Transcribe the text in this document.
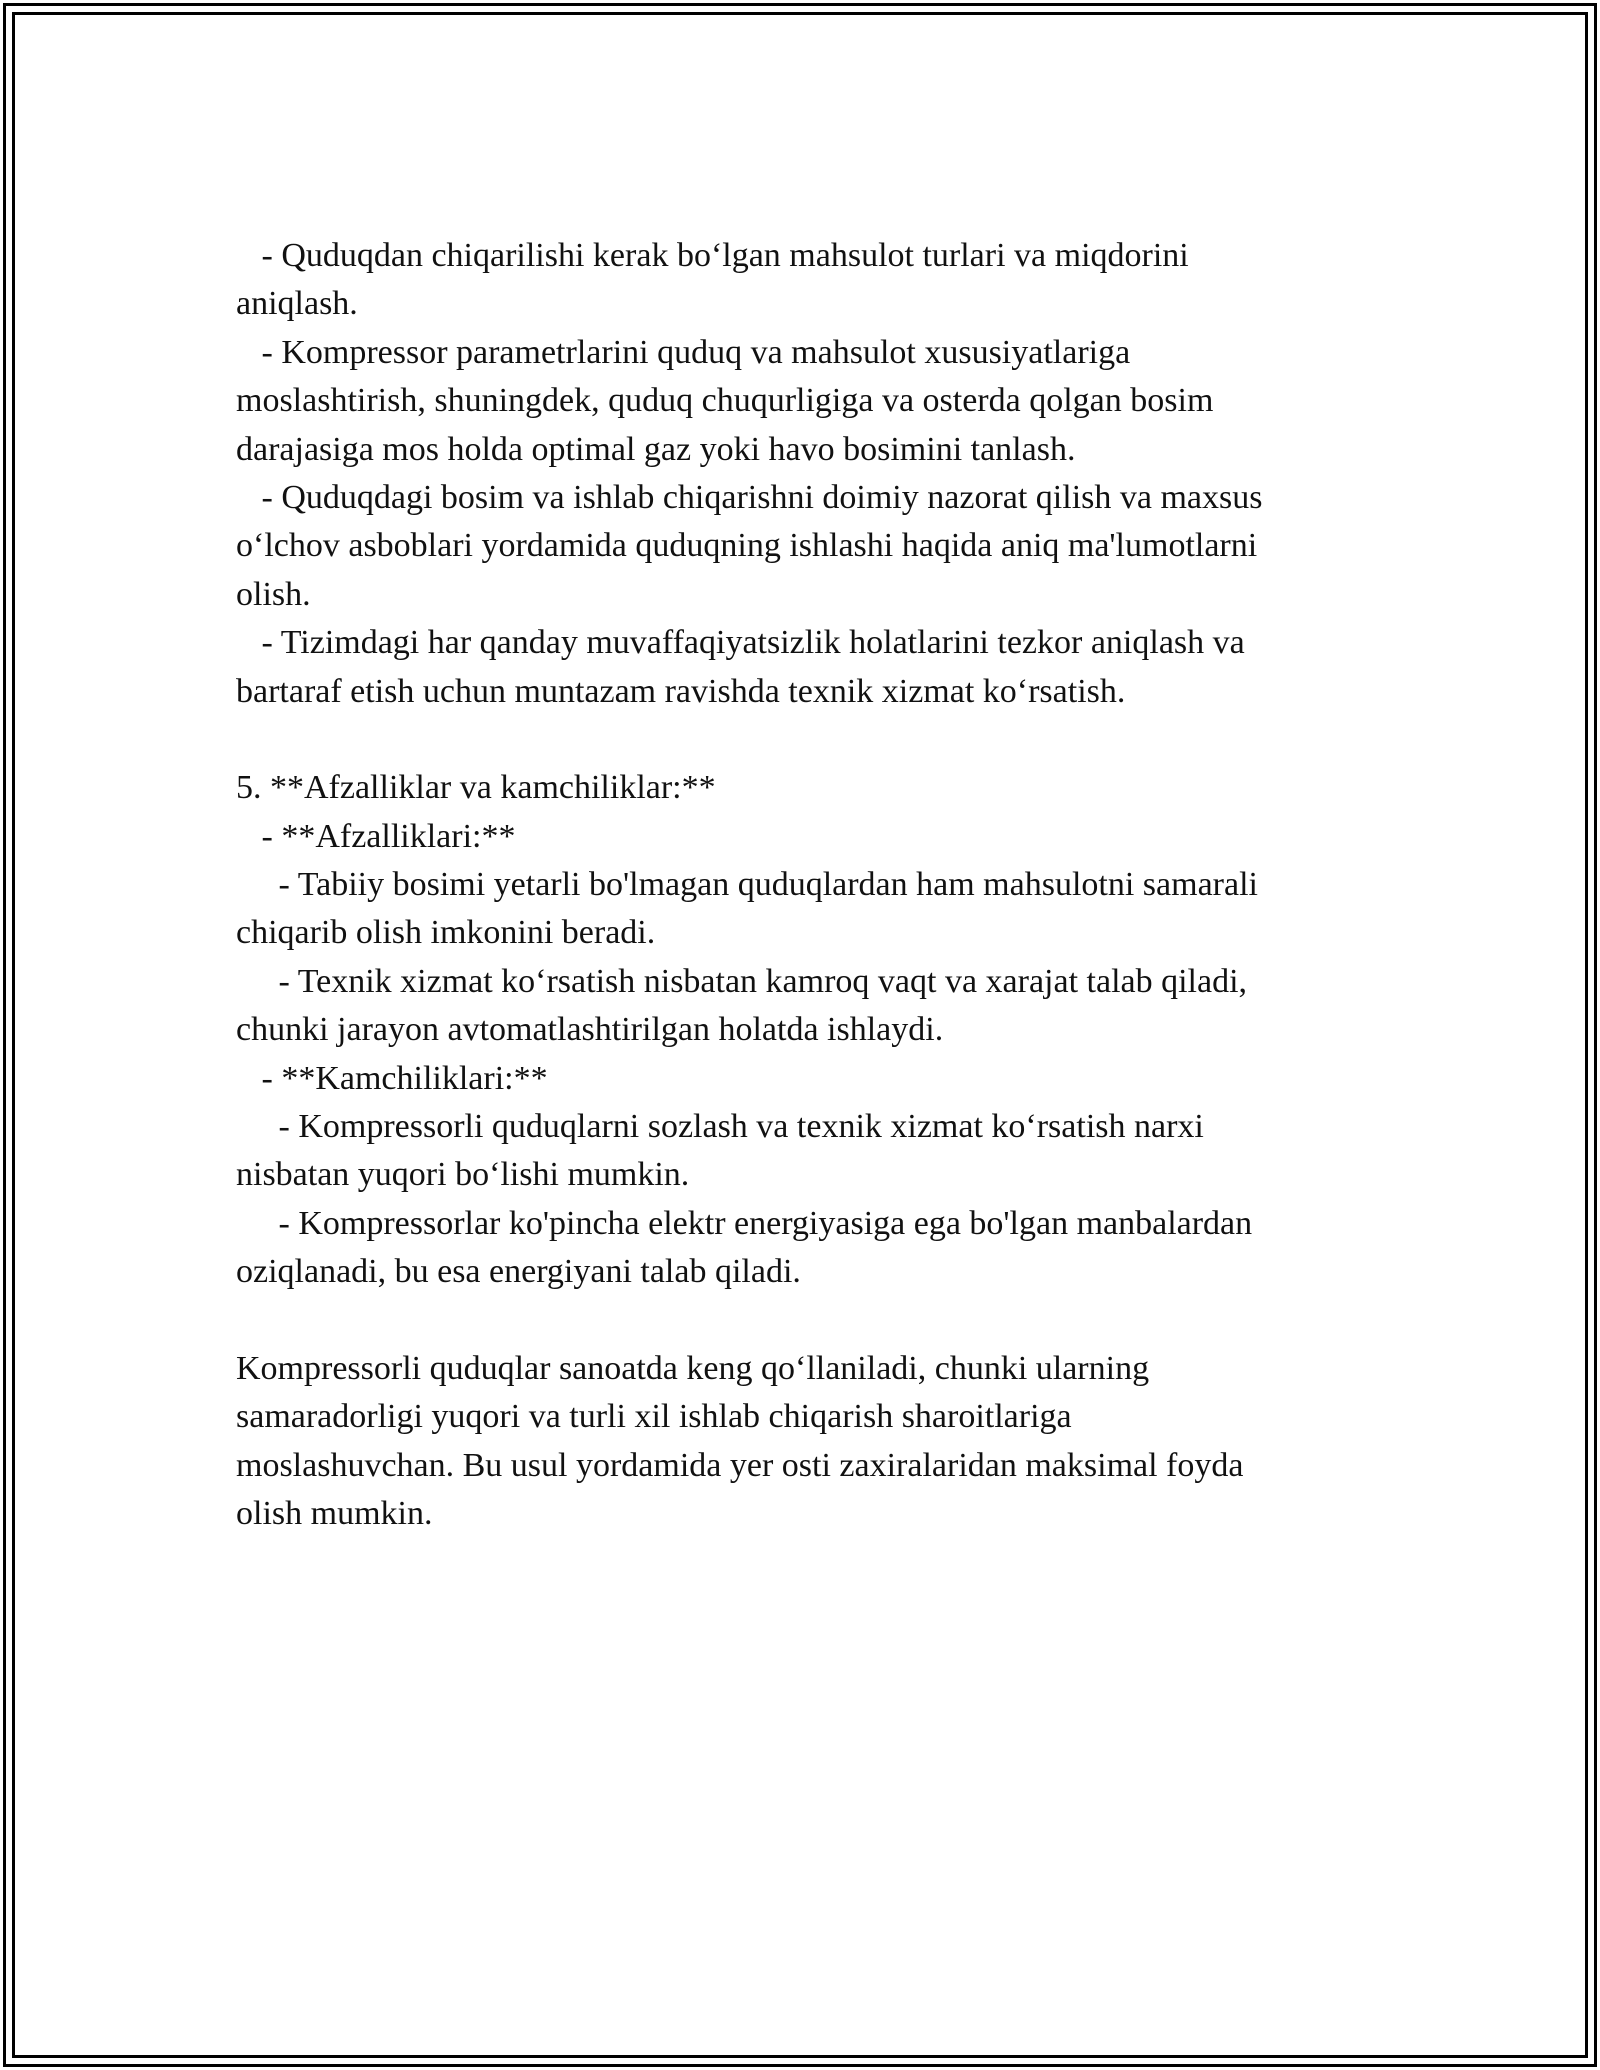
- Quduqdan chiqarilishi kerak bo‘lgan mahsulot turlari va miqdorini

aniqlash.

- Kompressor parametrlarini quduq va mahsulot xususiyatlariga

moslashtirish, shuningdek, quduq chuqurligiga va osterda qolgan bosim

darajasiga mos holda optimal gaz yoki havo bosimini tanlash.

- Quduqdagi bosim va ishlab chiqarishni doimiy nazorat qilish va maxsus

o‘lchov asboblari yordamida quduqning ishlashi haqida aniq ma'lumotlarni

olish.

- Tizimdagi har qanday muvaffaqiyatsizlik holatlarini tezkor aniqlash va

bartaraf etish uchun muntazam ravishda texnik xizmat ko‘rsatish.

5. **Afzalliklar va kamchiliklar:**

- **Afzalliklari:**

- Tabiiy bosimi yetarli bo'lmagan quduqlardan ham mahsulotni samarali

chiqarib olish imkonini beradi.

- Texnik xizmat ko‘rsatish nisbatan kamroq vaqt va xarajat talab qiladi,

chunki jarayon avtomatlashtirilgan holatda ishlaydi.

- **Kamchiliklari:**

- Kompressorli quduqlarni sozlash va texnik xizmat ko‘rsatish narxi

nisbatan yuqori bo‘lishi mumkin.

- Kompressorlar ko'pincha elektr energiyasiga ega bo'lgan manbalardan

oziqlanadi, bu esa energiyani talab qiladi.

Kompressorli quduqlar sanoatda keng qo‘llaniladi, chunki ularning

samaradorligi yuqori va turli xil ishlab chiqarish sharoitlariga

moslashuvchan. Bu usul yordamida yer osti zaxiralaridan maksimal foyda

olish mumkin.
